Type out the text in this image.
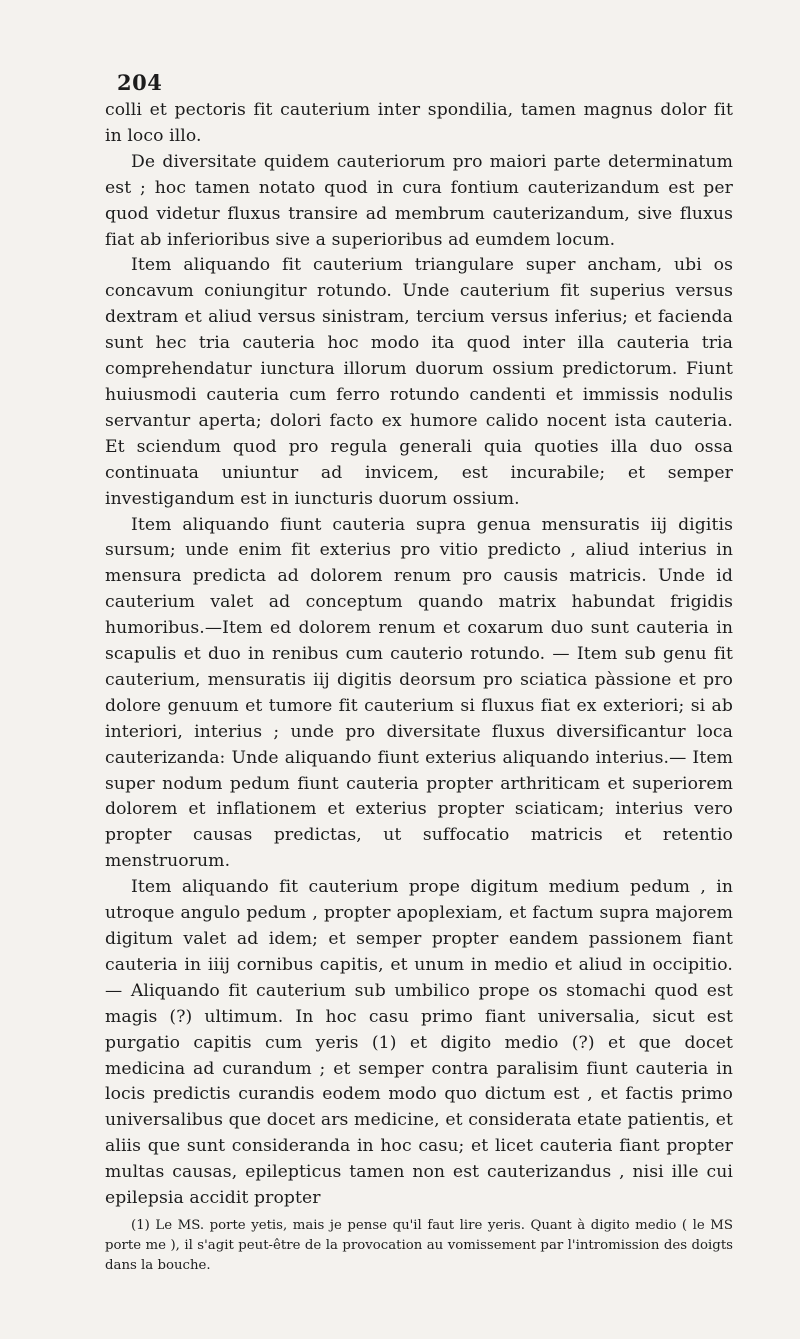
204

colli et pectoris fit cauterium inter spondilia, tamen magnus dolor fit in loco illo.

De diversitate quidem cauteriorum pro maiori parte determinatum est ; hoc tamen notato quod in cura fontium cauterizandum est per quod videtur fluxus transire ad membrum cauterizandum, sive fluxus fiat ab inferioribus sive a superioribus ad eumdem locum.

Item aliquando fit cauterium triangulare super ancham, ubi os concavum coniungitur rotundo. Unde cauterium fit superius versus dextram et aliud versus sinistram, tercium versus inferius; et facienda sunt hec tria cauteria hoc modo ita quod inter illa cauteria tria comprehendatur iunctura illorum duorum ossium predictorum. Fiunt huiusmodi cauteria cum ferro rotundo candenti et immissis nodulis servantur aperta; dolori facto ex humore calido nocent ista cauteria. Et sciendum quod pro regula generali quia quoties illa duo ossa continuata uniuntur ad invicem, est incurabile; et semper investigandum est in iuncturis duorum ossium.

Item aliquando fiunt cauteria supra genua mensuratis iij digitis sursum; unde enim fit exterius pro vitio predicto , aliud interius in mensura predicta ad dolorem renum pro causis matricis. Unde id cauterium valet ad conceptum quando matrix habundat frigidis humoribus.—Item ed dolorem renum et coxarum duo sunt cauteria in scapulis et duo in renibus cum cauterio rotundo. — Item sub genu fit cauterium, mensuratis iij digitis deorsum pro sciatica pàssione et pro dolore genuum et tumore fit cauterium si fluxus fiat ex exteriori; si ab interiori, interius ; unde pro diversitate fluxus diversificantur loca cauterizanda: Unde aliquando fiunt exterius aliquando interius.— Item super nodum pedum fiunt cauteria propter arthriticam et superiorem dolorem et inflationem et exterius propter sciaticam; interius vero propter causas predictas, ut suffocatio matricis et retentio menstruorum.

Item aliquando fit cauterium prope digitum medium pedum , in utroque angulo pedum , propter apoplexiam, et factum supra majorem digitum valet ad idem; et semper propter eandem passionem fiant cauteria in iiij cornibus capitis, et unum in medio et aliud in occipitio. — Aliquando fit cauterium sub umbilico prope os stomachi quod est magis (?) ultimum. In hoc casu primo fiant universalia, sicut est purgatio capitis cum yeris (1) et digito medio (?) et que docet medicina ad curandum ; et semper contra paralisim fiunt cauteria in locis predictis curandis eodem modo quo dictum est , et factis primo universalibus que docet ars medicine, et considerata etate patientis, et aliis que sunt consideranda in hoc casu; et licet cauteria fiant propter multas causas, epilepticus tamen non est cauterizandus , nisi ille cui epilepsia accidit propter

(1) Le MS. porte yetis, mais je pense qu'il faut lire yeris. Quant à digito medio ( le MS porte me ), il s'agit peut-être de la provocation au vomissement par l'intromission des doigts dans la bouche.
